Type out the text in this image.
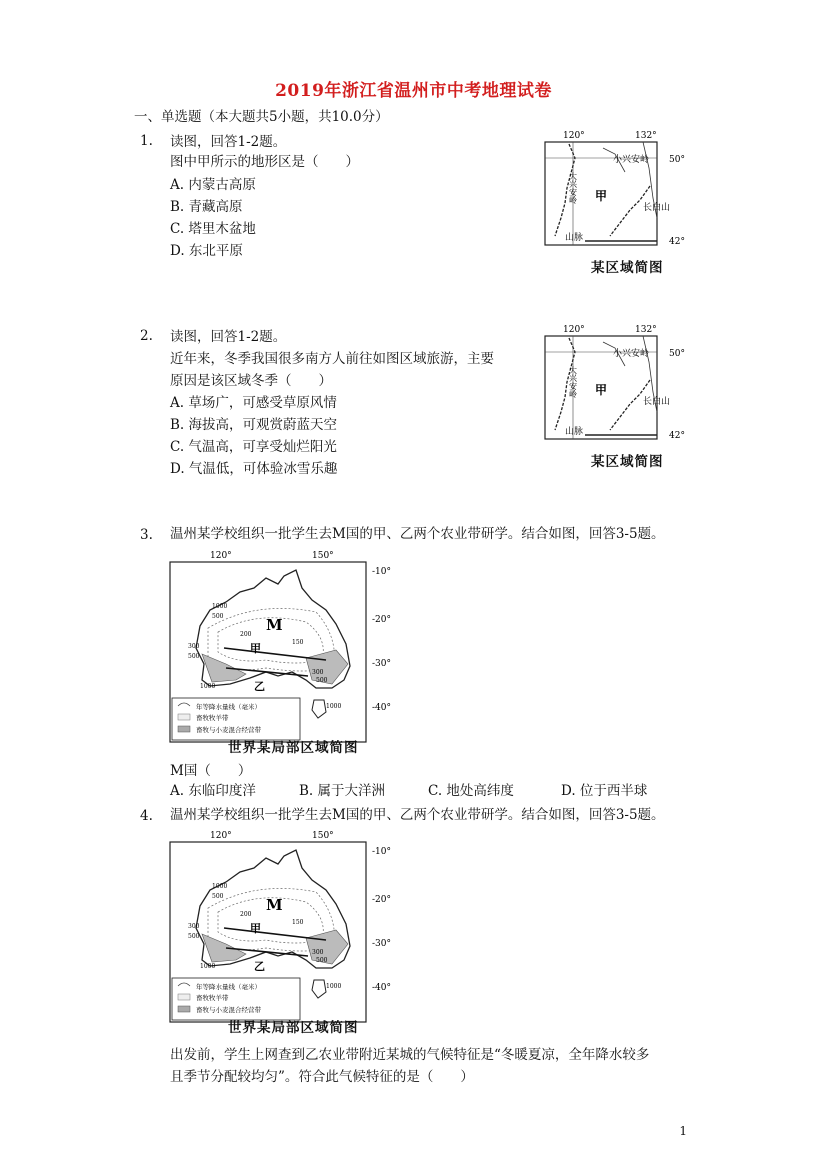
2019年浙江省温州市中考地理试卷
一、单选题（本大题共5小题，共10.0分）
1. 读图，回答1-2题。
图中甲所示的地形区是（　　）
A. 内蒙古高原
B. 青藏高原
C. 塔里木盆地
D. 东北平原
120°	132°
50°
42°
大兴安岭
小兴安岭
长白山
甲
山脉
某区域简图
2. 读图，回答1-2题。
近年来，冬季我国很多南方人前往如图区域旅游，主要
原因是该区域冬季（　　）
A. 草场广，可感受草原风情
B. 海拔高，可观赏蔚蓝天空
C. 气温高，可享受灿烂阳光
D. 气温低，可体验冰雪乐趣
120°	132°
50°
42°
大兴安岭
小兴安岭
长白山
甲
山脉
某区域简图
3. 温州某学校组织一批学生去M国的甲、乙两个农业带研学。结合如图，回答3-5题。
120°	150°
-10°
-20°
-30°
-40°
M
甲
乙
1000
500
300
200
150
300
500
1000
1000
500
年等降水量线（毫米）
畜牧牧羊带
畜牧与小麦混合经营带
世界某局部区域简图
M国（　　）
A. 东临印度洋	B. 属于大洋洲	C. 地处高纬度	D. 位于西半球
4. 温州某学校组织一批学生去M国的甲、乙两个农业带研学。结合如图，回答3-5题。
120°	150°
-10°
-20°
-30°
-40°
M
甲
乙
1000
500
300
200
150
300
500
1000
1000
500
年等降水量线（毫米）
畜牧牧羊带
畜牧与小麦混合经营带
世界某局部区域简图
出发前，学生上网查到乙农业带附近某城的气候特征是“冬暖夏凉，全年降水较多
且季节分配较均匀”。符合此气候特征的是（　　）
1
